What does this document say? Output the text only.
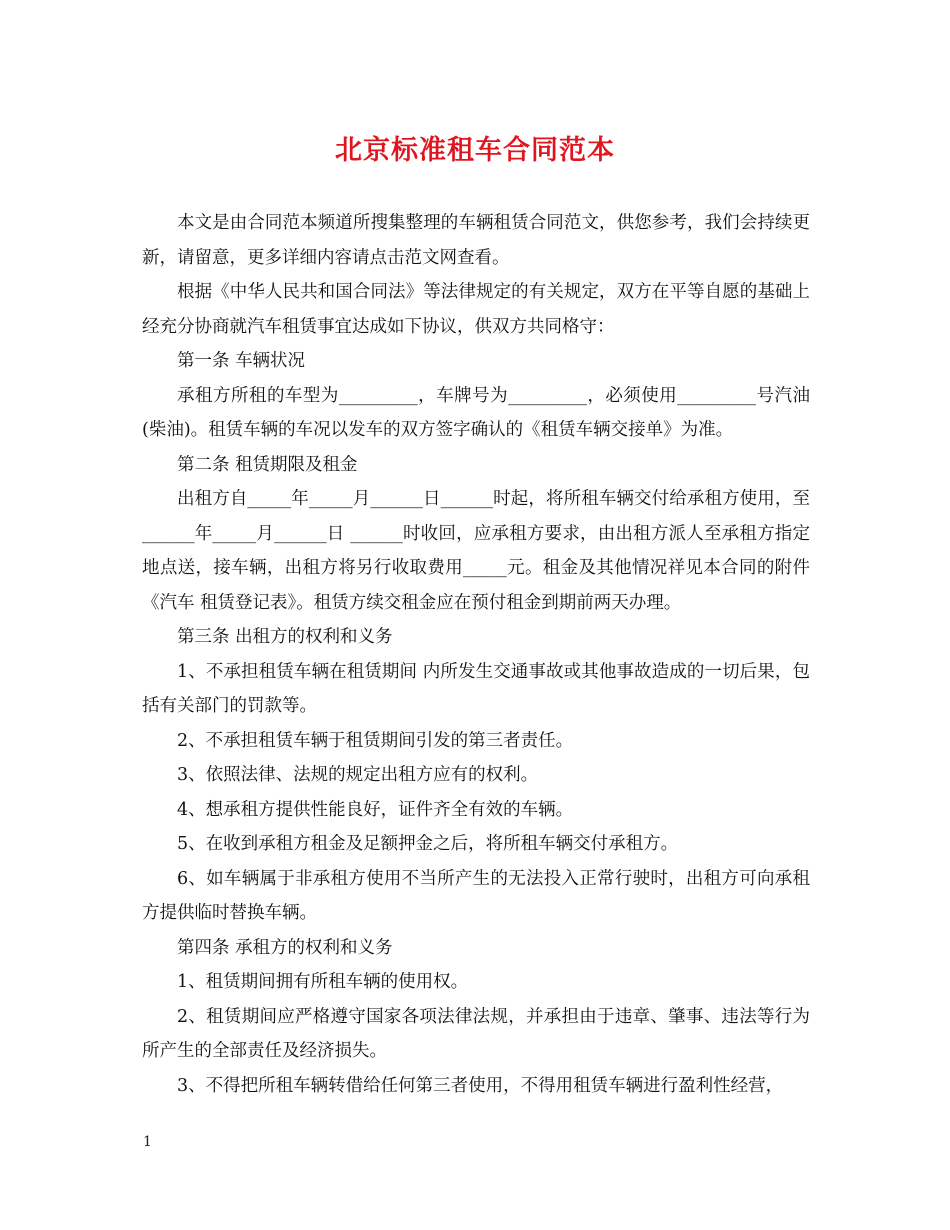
北京标准租车合同范本

本文是由合同范本频道所搜集整理的车辆租赁合同范文，供您参考，我们会持续更新，请留意，更多详细内容请点击范文网查看。

根据《中华人民共和国合同法》等法律规定的有关规定，双方在平等自愿的基础上经充分协商就汽车租赁事宜达成如下协议，供双方共同格守：

第一条 车辆状况

承租方所租的车型为_________，车牌号为_________，必须使用_________号汽油(柴油)。租赁车辆的车况以发车的双方签字确认的《租赁车辆交接单》为准。

第二条 租赁期限及租金

出租方自_____年_____月______日______时起，将所租车辆交付给承租方使用，至______年_____月______日 ______时收回，应承租方要求，由出租方派人至承租方指定地点送，接车辆，出租方将另行收取费用_____元。租金及其他情况祥见本合同的附件《汽车 租赁登记表》。租赁方续交租金应在预付租金到期前两天办理。

第三条 出租方的权利和义务

1、不承担租赁车辆在租赁期间 内所发生交通事故或其他事故造成的一切后果，包括有关部门的罚款等。

2、不承担租赁车辆于租赁期间引发的第三者责任。

3、依照法律、法规的规定出租方应有的权利。

4、想承租方提供性能良好，证件齐全有效的车辆。

5、在收到承租方租金及足额押金之后，将所租车辆交付承租方。

6、如车辆属于非承租方使用不当所产生的无法投入正常行驶时，出租方可向承租方提供临时替换车辆。

第四条 承租方的权利和义务

1、租赁期间拥有所租车辆的使用权。

2、租赁期间应严格遵守国家各项法律法规，并承担由于违章、肇事、违法等行为所产生的全部责任及经济损失。

3、不得把所租车辆转借给任何第三者使用，不得用租赁车辆进行盈利性经营，

1
